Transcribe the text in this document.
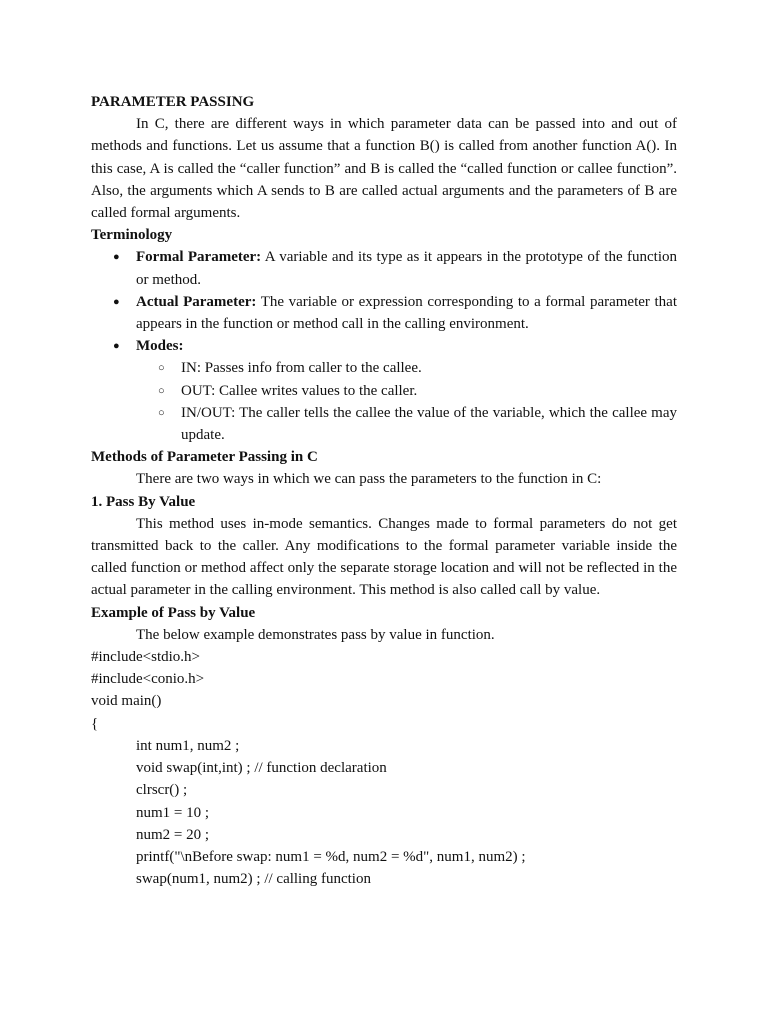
PARAMETER PASSING

In C, there are different ways in which parameter data can be passed into and out of methods and functions. Let us assume that a function B() is called from another function A(). In this case, A is called the “caller function” and B is called the “called function or callee function”. Also, the arguments which A sends to B are called actual arguments and the parameters of B are called formal arguments.

Terminology

● Formal Parameter: A variable and its type as it appears in the prototype of the function or method.
● Actual Parameter: The variable or expression corresponding to a formal parameter that appears in the function or method call in the calling environment.
● Modes:
○ IN: Passes info from caller to the callee.
○ OUT: Callee writes values to the caller.
○ IN/OUT: The caller tells the callee the value of the variable, which the callee may update.

Methods of Parameter Passing in C

There are two ways in which we can pass the parameters to the function in C:

1. Pass By Value

This method uses in-mode semantics. Changes made to formal parameters do not get transmitted back to the caller. Any modifications to the formal parameter variable inside the called function or method affect only the separate storage location and will not be reflected in the actual parameter in the calling environment. This method is also called call by value.

Example of Pass by Value

The below example demonstrates pass by value in function.

#include<stdio.h>

#include<conio.h>

void main()

{

int num1, num2 ;

void swap(int,int) ; // function declaration

clrscr() ;

num1 = 10 ;

num2 = 20 ;

printf("\nBefore swap: num1 = %d, num2 = %d", num1, num2) ;

swap(num1, num2) ; // calling function
